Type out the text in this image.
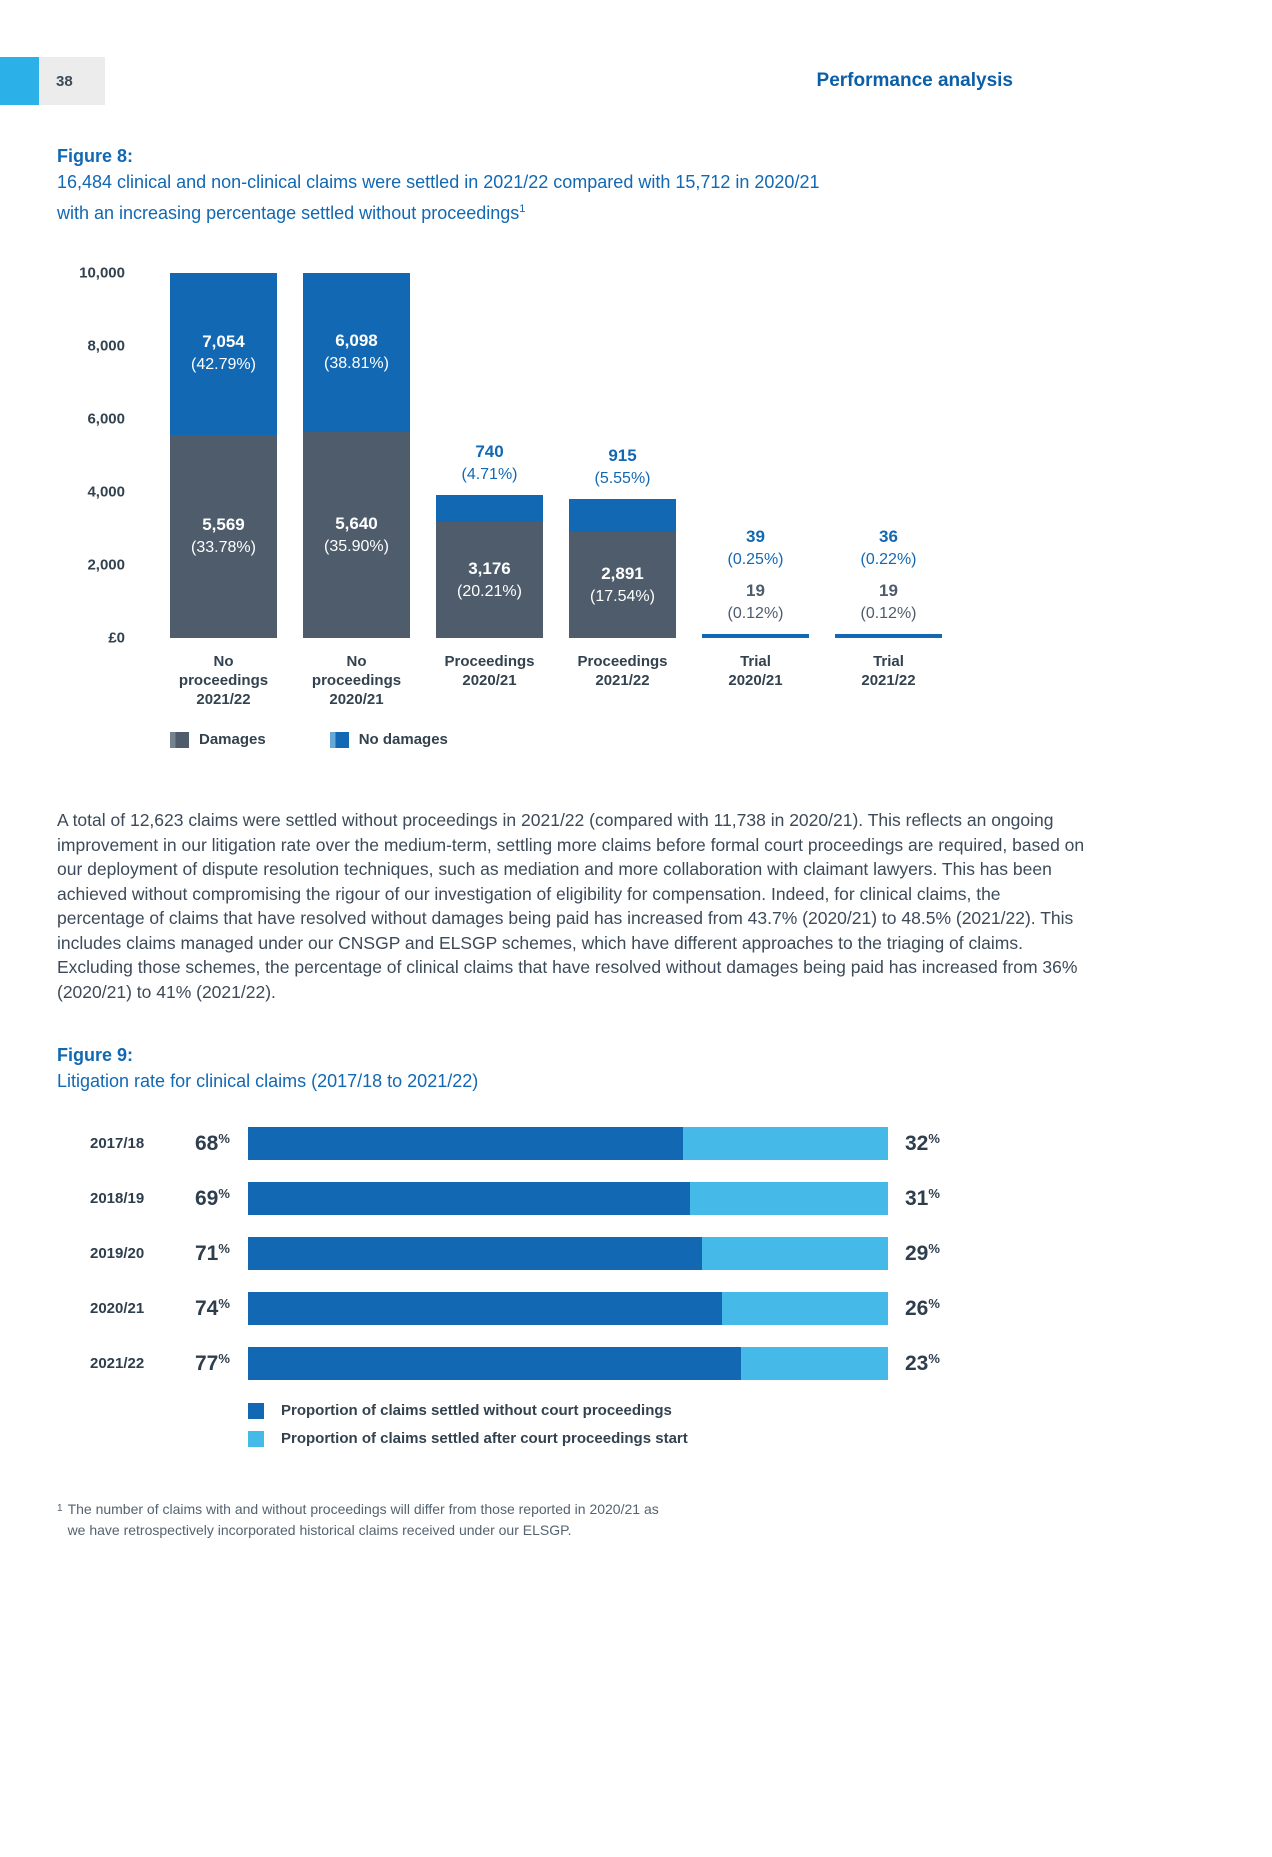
38	Performance analysis
Figure 8:
16,484 clinical and non-clinical claims were settled in 2021/22 compared with 15,712 in 2020/21
with an increasing percentage settled without proceedings$^1$
10,000
8,000
6,000
4,000
2,000
£0
7,054
(42.79%)
5,569
(33.78%)
6,098
(38.81%)
5,640
(35.90%)
740
(4.71%)
3,176
(20.21%)
915
(5.55%)
2,891
(17.54%)
39
(0.25%)
19
(0.12%)
36
(0.22%)
19
(0.12%)
No proceedings
2021/22
No proceedings
2020/21
Proceedings
2020/21
Proceedings
2021/22
Trial
2020/21
Trial
2021/22
Damages	No damages

A total of 12,623 claims were settled without proceedings in 2021/22 (compared with 11,738 in 2020/21). This reflects an ongoing improvement in our litigation rate over the medium-term, settling more claims before formal court proceedings are required, based on our deployment of dispute resolution techniques, such as mediation and more collaboration with claimant lawyers. This has been achieved without compromising the rigour of our investigation of eligibility for compensation. Indeed, for clinical claims, the percentage of claims that have resolved without damages being paid has increased from 43.7% (2020/21) to 48.5% (2021/22). This includes claims managed under our CNSGP and ELSGP schemes, which have different approaches to the triaging of claims. Excluding those schemes, the percentage of clinical claims that have resolved without damages being paid has increased from 36% (2020/21) to 41% (2021/22).

Figure 9:
Litigation rate for clinical claims (2017/18 to 2021/22)
2017/18	68%	32%
2018/19	69%	31%
2019/20	71%	29%
2020/21	74%	26%
2021/22	77%	23%
Proportion of claims settled without court proceedings
Proportion of claims settled after court proceedings start
1 The number of claims with and without proceedings will differ from those reported in 2020/21 as we have retrospectively incorporated historical claims received under our ELSGP.
